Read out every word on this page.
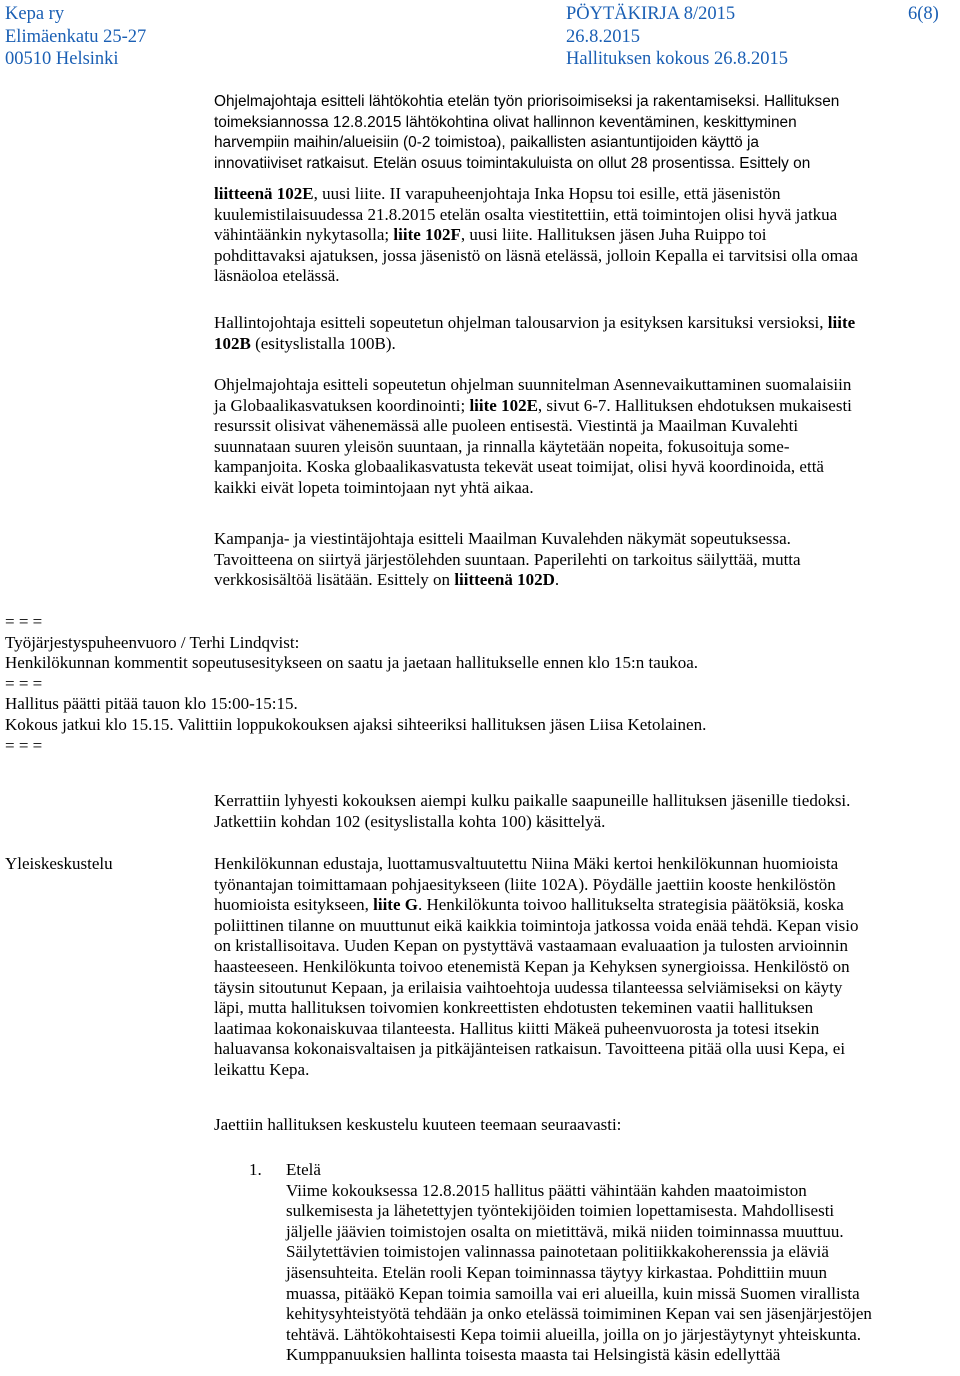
Kepa ry
Elimäenkatu 25-27
00510 Helsinki
PÖYTÄKIRJA 8/2015
26.8.2015
Hallituksen kokous 26.8.2015
6(8)
Ohjelmajohtaja esitteli lähtökohtia etelän työn priorisoimiseksi ja rakentamiseksi. Hallituksen
toimeksiannossa 12.8.2015 lähtökohtina olivat hallinnon keventäminen, keskittyminen
harvempiin maihin/alueisiin (0-2 toimistoa), paikallisten asiantuntijoiden käyttö ja
innovatiiviset ratkaisut. Etelän osuus toimintakuluista on ollut 28 prosentissa. Esittely on
liitteenä 102E, uusi liite. II varapuheenjohtaja Inka Hopsu toi esille, että jäsenistön
kuulemistilaisuudessa 21.8.2015 etelän osalta viestitettiin, että toimintojen olisi hyvä jatkua
vähintäänkin nykytasolla; liite 102F, uusi liite. Hallituksen jäsen Juha Ruippo toi
pohdittavaksi ajatuksen, jossa jäsenistö on läsnä etelässä, jolloin Kepalla ei tarvitsisi olla omaa
läsnäoloa etelässä.
Hallintojohtaja esitteli sopeutetun ohjelman talousarvion ja esityksen karsituksi versioksi, liite
102B (esityslistalla 100B).
Ohjelmajohtaja esitteli sopeutetun ohjelman suunnitelman Asennevaikuttaminen suomalaisiin
ja Globaalikasvatuksen koordinointi; liite 102E, sivut 6-7. Hallituksen ehdotuksen mukaisesti
resurssit olisivat vähenemässä alle puoleen entisestä. Viestintä ja Maailman Kuvalehti
suunnataan suuren yleisön suuntaan, ja rinnalla käytetään nopeita, fokusoituja some-
kampanjoita. Koska globaalikasvatusta tekevät useat toimijat, olisi hyvä koordinoida, että
kaikki eivät lopeta toimintojaan nyt yhtä aikaa.
Kampanja- ja viestintäjohtaja esitteli Maailman Kuvalehden näkymät sopeutuksessa.
Tavoitteena on siirtyä järjestölehden suuntaan. Paperilehti on tarkoitus säilyttää, mutta
verkkosisältöä lisätään. Esittely on liitteenä 102D.
= = =
Työjärjestyspuheenvuoro / Terhi Lindqvist:
Henkilökunnan kommentit sopeutusesitykseen on saatu ja jaetaan hallitukselle ennen klo 15:n taukoa.
= = =
Hallitus päätti pitää tauon klo 15:00-15:15.
Kokous jatkui klo 15.15. Valittiin loppukokouksen ajaksi sihteeriksi hallituksen jäsen Liisa Ketolainen.
= = =
Kerrattiin lyhyesti kokouksen aiempi kulku paikalle saapuneille hallituksen jäsenille tiedoksi.
Jatkettiin kohdan 102 (esityslistalla kohta 100) käsittelyä.
Yleiskeskustelu	Henkilökunnan edustaja, luottamusvaltuutettu Niina Mäki kertoi henkilökunnan huomioista
työnantajan toimittamaan pohjaesitykseen (liite 102A). Pöydälle jaettiin kooste henkilöstön
huomioista esitykseen, liite G. Henkilökunta toivoo hallitukselta strategisia päätöksiä, koska
poliittinen tilanne on muuttunut eikä kaikkia toimintoja jatkossa voida enää tehdä. Kepan visio
on kristallisoitava. Uuden Kepan on pystyttävä vastaamaan evaluaation ja tulosten arvioinnin
haasteeseen. Henkilökunta toivoo etenemistä Kepan ja Kehyksen synergioissa. Henkilöstö on
täysin sitoutunut Kepaan, ja erilaisia vaihtoehtoja uudessa tilanteessa selviämiseksi on käyty
läpi, mutta hallituksen toivomien konkreettisten ehdotusten tekeminen vaatii hallituksen
laatimaa kokonaiskuvaa tilanteesta. Hallitus kiitti Mäkeä puheenvuorosta ja totesi itsekin
haluavansa kokonaisvaltaisen ja pitkäjänteisen ratkaisun. Tavoitteena pitää olla uusi Kepa, ei
leikattu Kepa.
Jaettiin hallituksen keskustelu kuuteen teemaan seuraavasti:
1. Etelä
Viime kokouksessa 12.8.2015 hallitus päätti vähintään kahden maatoimiston
sulkemisesta ja lähetettyjen työntekijöiden toimien lopettamisesta. Mahdollisesti
jäljelle jäävien toimistojen osalta on mietittävä, mikä niiden toiminnassa muuttuu.
Säilytettävien toimistojen valinnassa painotetaan politiikkakoherenssia ja eläviä
jäsensuhteita. Etelän rooli Kepan toiminnassa täytyy kirkastaa. Pohdittiin muun
muassa, pitääkö Kepan toimia samoilla vai eri alueilla, kuin missä Suomen virallista
kehitysyhteistyötä tehdään ja onko etelässä toimiminen Kepan vai sen jäsenjärjestöjen
tehtävä. Lähtökohtaisesti Kepa toimii alueilla, joilla on jo järjestäytynyt yhteiskunta.
Kumppanuuksien hallinta toisesta maasta tai Helsingistä käsin edellyttää
